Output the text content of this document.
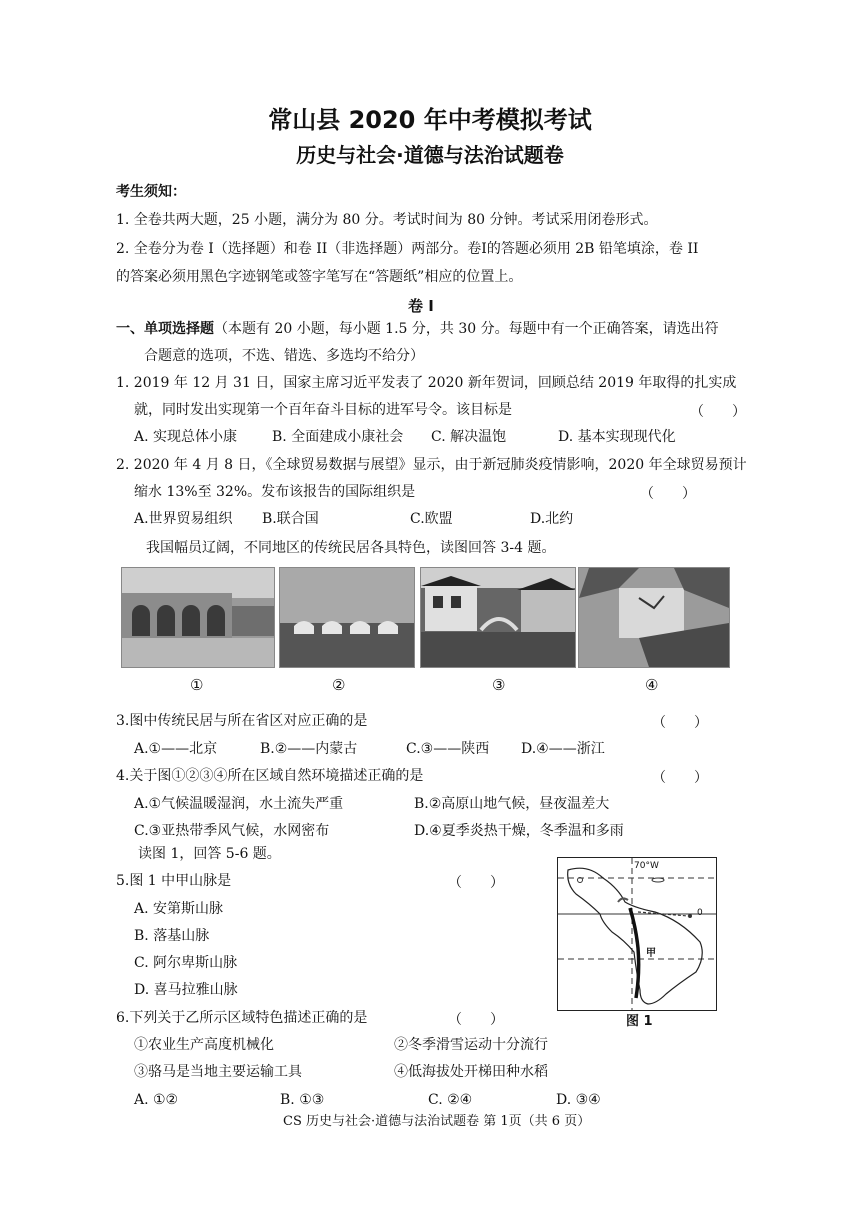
常山县 2020 年中考模拟考试
历史与社会·道德与法治试题卷
考生须知：
1. 全卷共两大题，25 小题，满分为 80 分。考试时间为 80 分钟。考试采用闭卷形式。
2. 全卷分为卷 I（选择题）和卷 II（非选择题）两部分。卷Ⅰ的答题必须用 2B 铅笔填涂，卷 II
的答案必须用黑色字迹钢笔或签字笔写在“答题纸”相应的位置上。
卷 I
一、单项选择题（本题有 20 小题，每小题 1.5 分，共 30 分。每题中有一个正确答案，请选出符
合题意的选项，不选、错选、多选均不给分）
1. 2019 年 12 月 31 日，国家主席习近平发表了 2020 新年贺词，回顾总结 2019 年取得的扎实成
就，同时发出实现第一个百年奋斗目标的进军号令。该目标是	（　　）
A. 实现总体小康 B. 全面建成小康社会 C. 解决温饱	D. 基本实现现代化
2. 2020 年 4 月 8 日，《全球贸易数据与展望》显示，由于新冠肺炎疫情影响，2020 年全球贸易预计
缩水 13%至 32%。发布该报告的国际组织是	（　　）
A.世界贸易组织 B.联合国	C.欧盟	D.北约
我国幅员辽阔，不同地区的传统民居各具特色，读图回答 3-4 题。
①	②	③	④
3.图中传统民居与所在省区对应正确的是	（　　）
A.①——北京	B.②——内蒙古	C.③——陕西 D.④——浙江
4.关于图①②③④所在区域自然环境描述正确的是	（　　）
A.①气候温暖湿润，水土流失严重	B.②高原山地气候，昼夜温差大
C.③亚热带季风气候，水网密布	D.④夏季炎热干燥，冬季温和多雨
读图 1，回答 5-6 题。
5.图 1 中甲山脉是	（　　）
A. 安第斯山脉
B. 落基山脉
C. 阿尔卑斯山脉
D. 喜马拉雅山脉
70°W
0
甲
图 1
6.下列关于乙所示区域特色描述正确的是	（　　）
①农业生产高度机械化	②冬季滑雪运动十分流行
③骆马是当地主要运输工具	④低海拔处开梯田种水稻
A. ①②	B. ①③	C. ②④	D. ③④
CS 历史与社会·道德与法治试题卷 第 1页（共 6 页）
